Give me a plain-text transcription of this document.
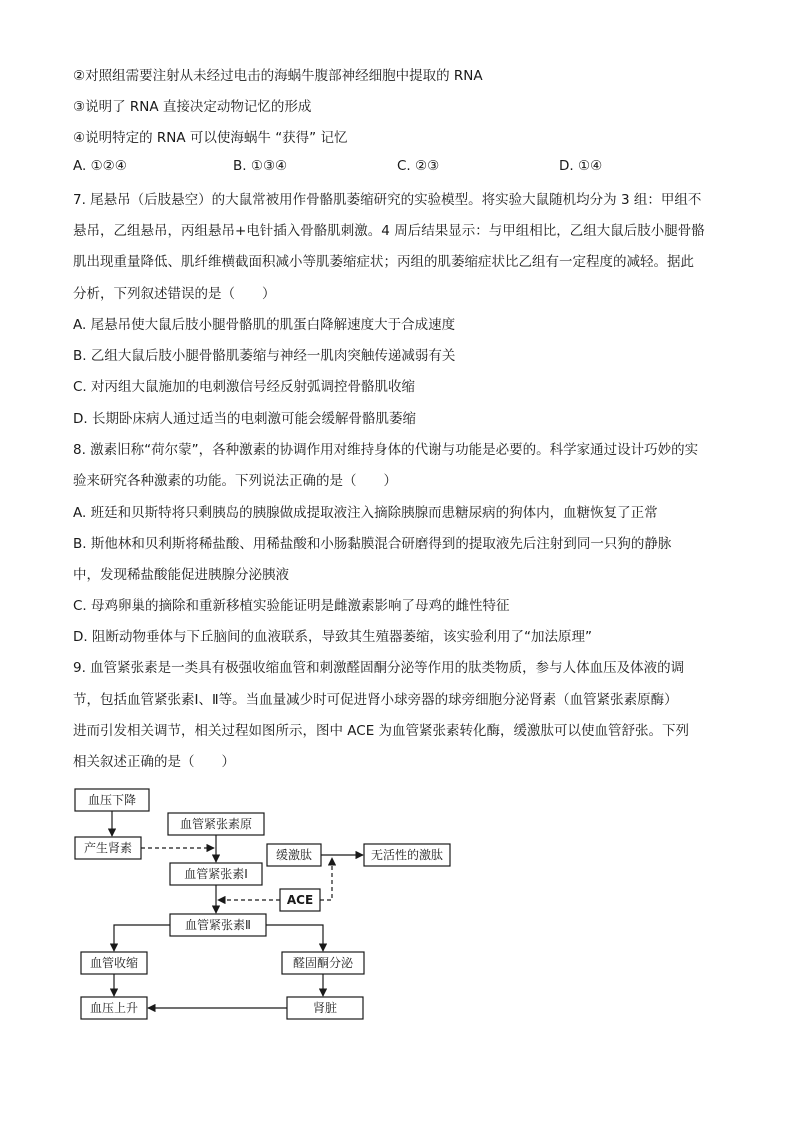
②对照组需要注射从未经过电击的海蜗牛腹部神经细胞中提取的 RNA
③说明了 RNA 直接决定动物记忆的形成
④说明特定的 RNA 可以使海蜗牛 “获得” 记忆
A. ①②④	B. ①③④	C. ②③	D. ①④
7. 尾悬吊（后肢悬空）的大鼠常被用作骨骼肌萎缩研究的实验模型。将实验大鼠随机均分为 3 组：甲组不
悬吊，乙组悬吊，丙组悬吊+电针插入骨骼肌刺激。4 周后结果显示：与甲组相比，乙组大鼠后肢小腿骨骼
肌出现重量降低、肌纤维横截面积减小等肌萎缩症状；丙组的肌萎缩症状比乙组有一定程度的减轻。据此
分析，下列叙述错误的是（　　）
A. 尾悬吊使大鼠后肢小腿骨骼肌的肌蛋白降解速度大于合成速度
B. 乙组大鼠后肢小腿骨骼肌萎缩与神经一肌肉突触传递减弱有关
C. 对丙组大鼠施加的电刺激信号经反射弧调控骨骼肌收缩
D. 长期卧床病人通过适当的电刺激可能会缓解骨骼肌萎缩
8. 激素旧称“荷尔蒙”，各种激素的协调作用对维持身体的代谢与功能是必要的。科学家通过设计巧妙的实
验来研究各种激素的功能。下列说法正确的是（　　）
A. 班廷和贝斯特将只剩胰岛的胰腺做成提取液注入摘除胰腺而患糖尿病的狗体内，血糖恢复了正常
B. 斯他林和贝利斯将稀盐酸、用稀盐酸和小肠黏膜混合研磨得到的提取液先后注射到同一只狗的静脉
中，发现稀盐酸能促进胰腺分泌胰液
C. 母鸡卵巢的摘除和重新移植实验能证明是雌激素影响了母鸡的雌性特征
D. 阻断动物垂体与下丘脑间的血液联系，导致其生殖器萎缩，该实验利用了“加法原理”
9. 血管紧张素是一类具有极强收缩血管和刺激醛固酮分泌等作用的肽类物质，参与人体血压及体液的调
节，包括血管紧张素Ⅰ、Ⅱ等。当血量减少时可促进肾小球旁器的球旁细胞分泌肾素（血管紧张素原酶）
进而引发相关调节，相关过程如图所示，图中 ACE 为血管紧张素转化酶，缓激肽可以使血管舒张。下列
相关叙述正确的是（　　）
血压下降
产生肾素
血管紧张素原
血管紧张素Ⅰ
缓激肽	无活性的激肽
ACE
血管紧张素Ⅱ
血管收缩	醛固酮分泌
血压上升	肾脏
